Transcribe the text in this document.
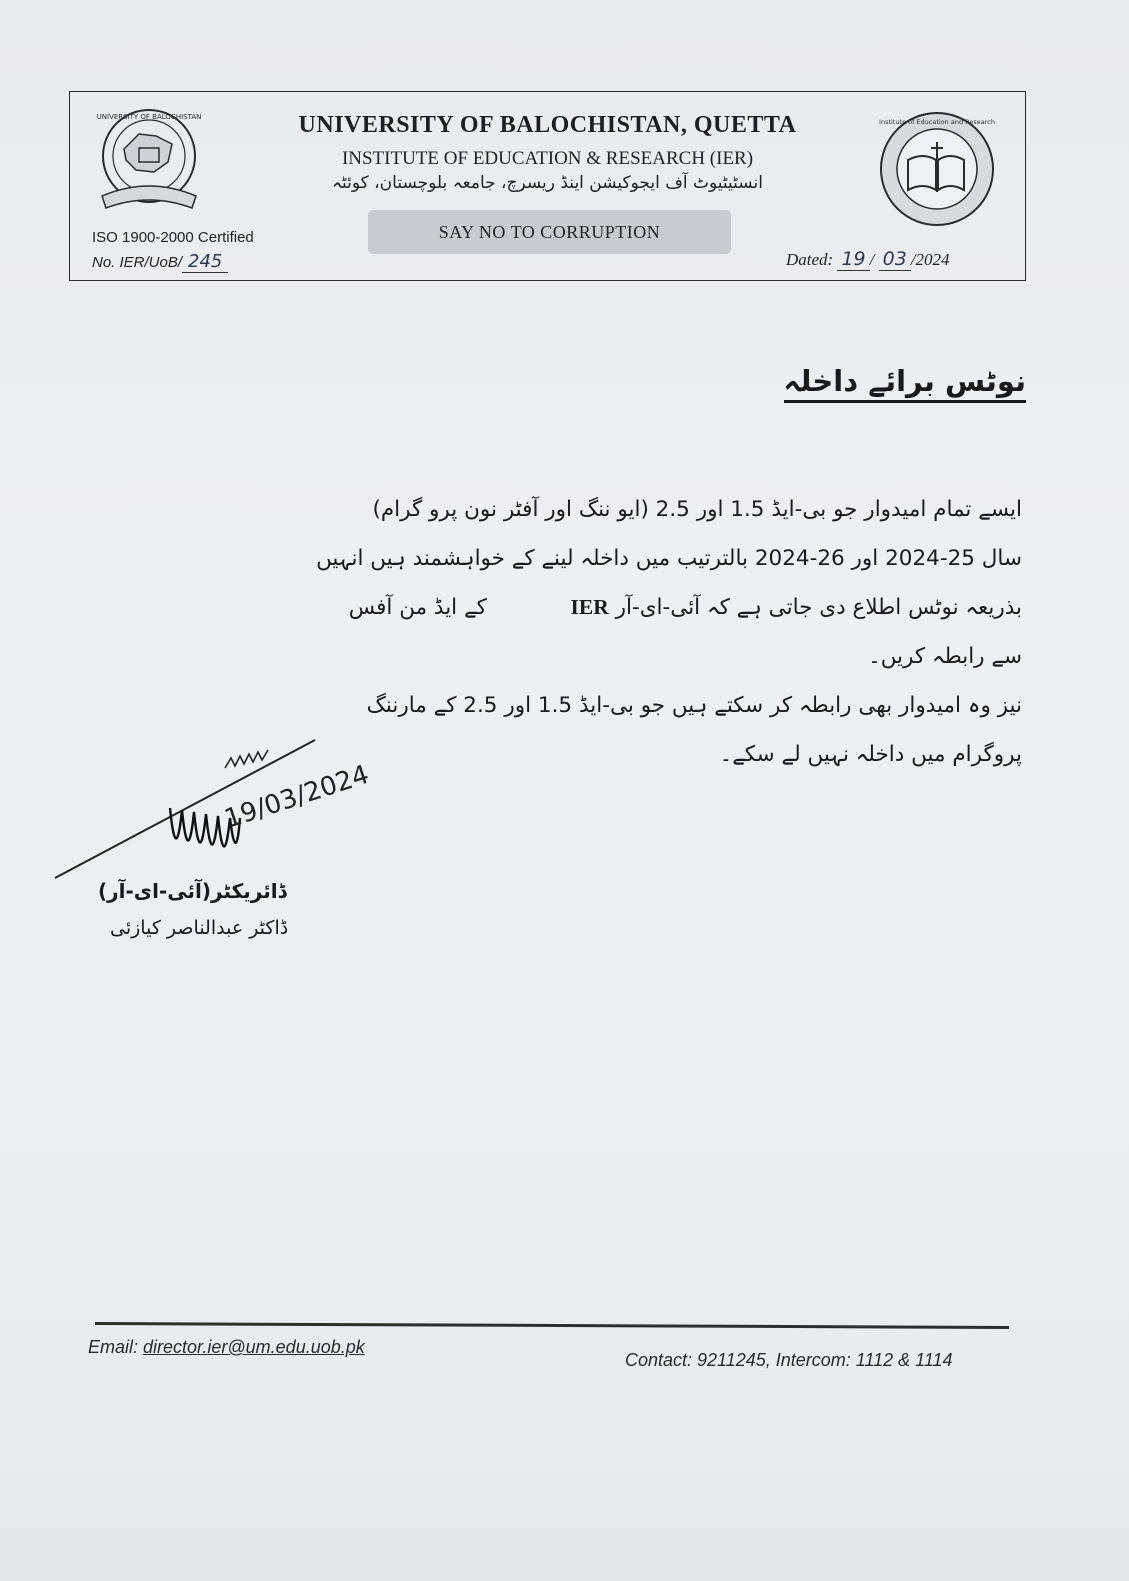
UNIVERSITY OF BALOCHISTAN	UNIVERSITY OF BALOCHISTAN, QUETTA
INSTITUTE OF EDUCATION & RESEARCH (IER)
انسٹیٹیوٹ آف ایجوکیشن اینڈ ریسرچ، جامعہ بلوچستان، کوئٹہ
SAY NO TO CORRUPTION
ISO 1900-2000 Certified
No. IER/UoB/ 245	Dated: 19 / 03 /2024
Institute of Education and Research
نوٹس برائے داخلہ

ایسے تمام امیدوار جو بی-ایڈ 1.5 اور 2.5 (ایو ننگ اور آفٹر نون پرو گرام)

سال 25-2024 اور 26-2024 بالترتیب میں داخلہ لینے کے خواہشمند ہیں انہیں

بذریعہ نوٹس اطلاع دی جاتی ہے کہ آئی-ای-آر IER  کے ایڈ من آفس

سے رابطہ کریں۔

نیز وہ امیدوار بھی رابطہ کر سکتے ہیں جو بی-ایڈ 1.5 اور 2.5 کے مارننگ

پروگرام میں داخلہ نہیں لے سکے۔

19/03/2024
ڈائریکٹر(آئی-ای-آر)
ڈاکٹر عبدالناصر کیازئی
Email: director.ier@um.edu.uob.pk
Contact: 9211245, Intercom: 1112 & 1114
